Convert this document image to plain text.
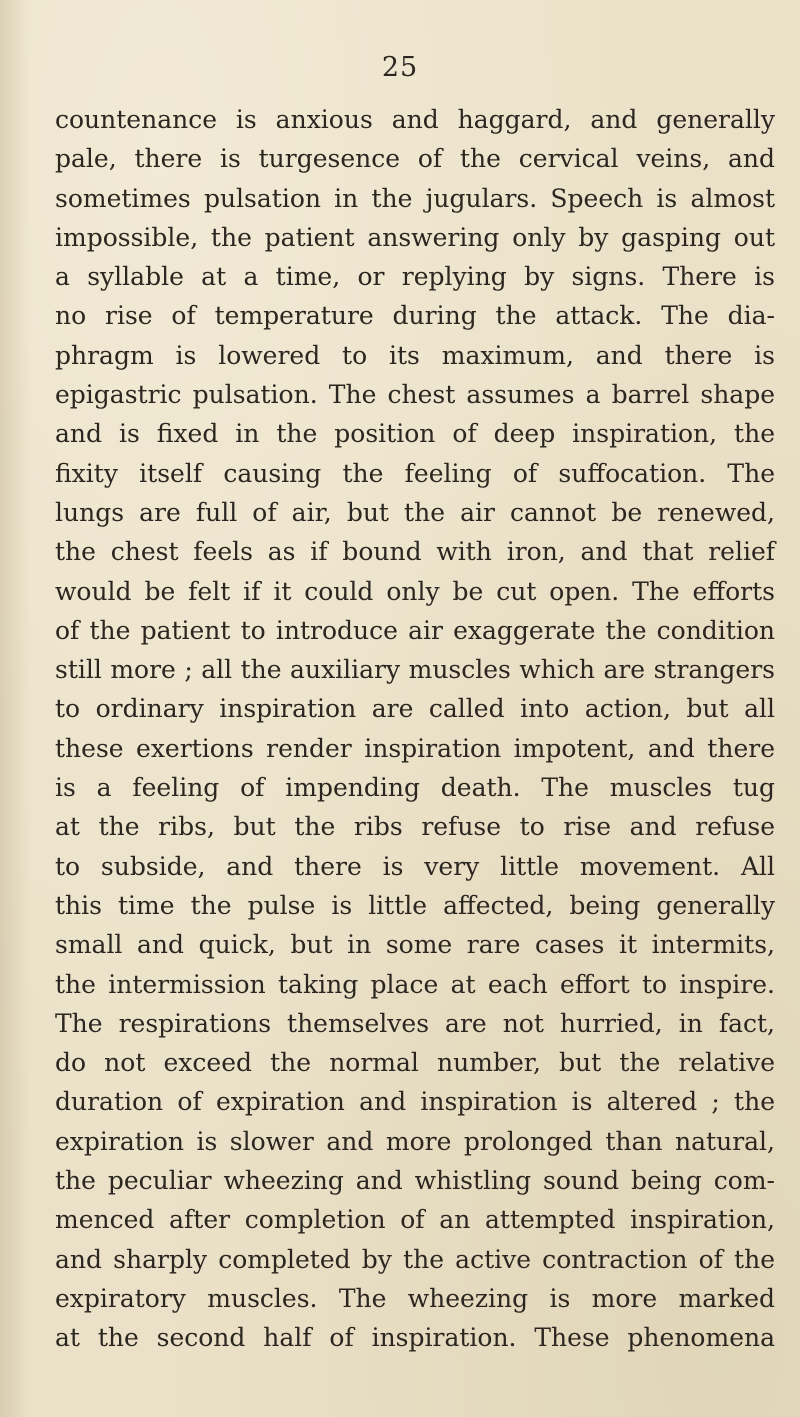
25
countenance is anxious and haggard, and generally
pale, there is turgesence of the cervical veins, and
sometimes pulsation in the jugulars. Speech is almost
impossible, the patient answering only by gasping out
a syllable at a time, or replying by signs. There is
no rise of temperature during the attack. The dia-
phragm is lowered to its maximum, and there is
epigastric pulsation. The chest assumes a barrel shape
and is fixed in the position of deep inspiration, the
fixity itself causing the feeling of suffocation. The
lungs are full of air, but the air cannot be renewed,
the chest feels as if bound with iron, and that relief
would be felt if it could only be cut open. The efforts
of the patient to introduce air exaggerate the condition
still more ; all the auxiliary muscles which are strangers
to ordinary inspiration are called into action, but all
these exertions render inspiration impotent, and there
is a feeling of impending death. The muscles tug
at the ribs, but the ribs refuse to rise and refuse
to subside, and there is very little movement. All
this time the pulse is little affected, being generally
small and quick, but in some rare cases it intermits,
the intermission taking place at each effort to inspire.
The respirations themselves are not hurried, in fact,
do not exceed the normal number, but the relative
duration of expiration and inspiration is altered ; the
expiration is slower and more prolonged than natural,
the peculiar wheezing and whistling sound being com-
menced after completion of an attempted inspiration,
and sharply completed by the active contraction of the
expiratory muscles. The wheezing is more marked
at the second half of inspiration. These phenomena
